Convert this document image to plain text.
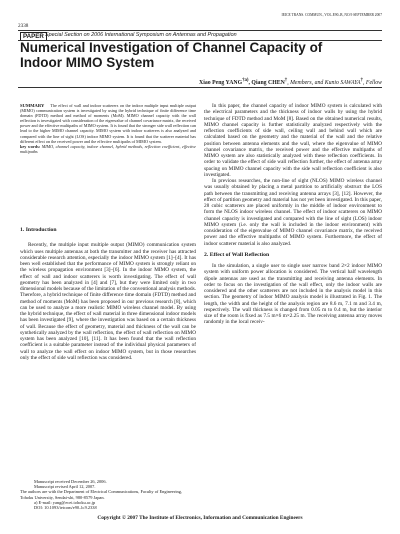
2338
IEICE TRANS. COMMUN., VOL.E90–B, NO.9 SEPTEMBER 2007
PAPER Special Section on 2006 International Symposium on Antennas and Propagation
Numerical Investigation of Channel Capacity of Indoor MIMO System
Xiao Peng YANG$^{\dagger a)}$, Qiang CHEN†, Members, and Kunio SAWAYA†, Fellow
SUMMARY The effect of wall and indoor scatterers on the indoor multiple input multiple output (MIMO) communication system is investigated by using the hybrid technique of finite difference time domain (FDTD) method and method of moments (MoM). MIMO channel capacity with the wall reflection is investigated with consideration of the eigenvalue of channel covariance matrix, the received power and the effective multipaths of MIMO system. It is found that the stronger side wall reflection can lead to the higher MIMO channel capacity. MIMO system with indoor scatterers is also analyzed and compared with the line of sight (LOS) indoor MIMO system. It is found that the scatterer material has different effect on the received power and the effective multipaths of MIMO system.
key words: MIMO, channel capacity, indoor channel, hybrid methods, reflection coefficient, effective multipaths
1. Introduction

Recently, the multiple input multiple output (MIMO) communication system which uses multiple antennas at both the transmitter and the receiver has attracted considerable research attention, especially the indoor MIMO system [1]–[4]. It has been well established that the performance of MIMO system is strongly reliant on the wireless propagation environment [3]–[6]. In the indoor MIMO system, the effect of wall and indoor scatterers is worth investigating. The effect of wall geometry has been analyzed in [4] and [7], but they were limited only in two dimensional models because of the limitation of the conventional analysis methods. Therefore, a hybrid technique of finite difference time domain (FDTD) method and method of moments (MoM) has been proposed in our previous research [8], which can be used to analyze a more realistic MIMO wireless channel model. By using the hybrid technique, the effect of wall material in three dimensional indoor models has been investigated [9], where the investigation was based on a certain thickness of wall. Because the effect of geometry, material and thickness of the wall can be synthetically analyzed by the wall reflection, the effect of wall reflection on MIMO system has been analyzed [10], [11]. It has been found that the wall reflection coefficient is a suitable parameter instead of the individual physical parameters of wall to analyze the wall effect on indoor MIMO system, but in those researches only the effect of side wall reflection was considered.

Manuscript received December 26, 2006.
Manuscript revised April 12, 2007.
The authors are with the Department of Electrical Communications, Faculty of Engineering, Tohoku University, Sendai-shi, 980-8579 Japan.
a) E-mail: yang@ecei.tohoku.ac.jp
DOI: 10.1093/ietcom/e90–b.9.2338

In this paper, the channel capacity of indoor MIMO system is calculated with the electrical parameters and the thickness of indoor walls by using the hybrid technique of FDTD method and MoM [8]. Based on the obtained numerical results, MIMO channel capacity is further statistically analyzed respectively with the reflection coefficients of side wall, ceiling wall and behind wall which are calculated based on the geometry and the material of the wall and the relative position between antenna elements and the wall, where the eigenvalue of MIMO channel covariance matrix, the received power and the effective multipaths of MIMO system are also statistically analyzed with these reflection coefficients. In order to validate the effect of side wall reflection further, the effect of antenna array spacing on MIMO channel capacity with the side wall reflection coefficient is also investigated.

In previous researches, the non-line of sight (NLOS) MIMO wireless channel was usually obtained by placing a metal partition to artificially obstruct the LOS path between the transmitting and receiving antenna arrays [3], [12]. However, the effect of partition geometry and material has not yet been investigated. In this paper, 28 cubic scatterers are placed uniformly in the middle of indoor environment to form the NLOS indoor wireless channel. The effect of indoor scatterers on MIMO channel capacity is investigated and compared with the line of sight (LOS) indoor MIMO system (i.e. only the wall is included in the indoor environment) with consideration of the eigenvalue of MIMO channel covariance matrix, the received power and the effective multipaths of MIMO system. Furthermore, the effect of indoor scatterer material is also analyzed.

2. Effect of Wall Reflection

In the simulation, a single user to single user narrow band 2×2 indoor MIMO system with uniform power allocation is considered. The vertical half wavelength dipole antennas are used as the transmitting and receiving antenna elements. In order to focus on the investigation of the wall effect, only the indoor walls are considered and the other scatterers are not included in the analysis model in this section. The geometry of indoor MIMO analysis model is illustrated in Fig. 1. The length, the width and the height of the analysis region are 8.6 m, 7.1 m and 3.4 m, respectively. The wall thickness is changed from 0.05 m to 0.4 m, but the interior size of the room is fixed as 7.5 m×6 m×2.25 m. The receiving antenna array moves randomly in the local receiv-

Copyright © 2007 The Institute of Electronics, Information and Communication Engineers
